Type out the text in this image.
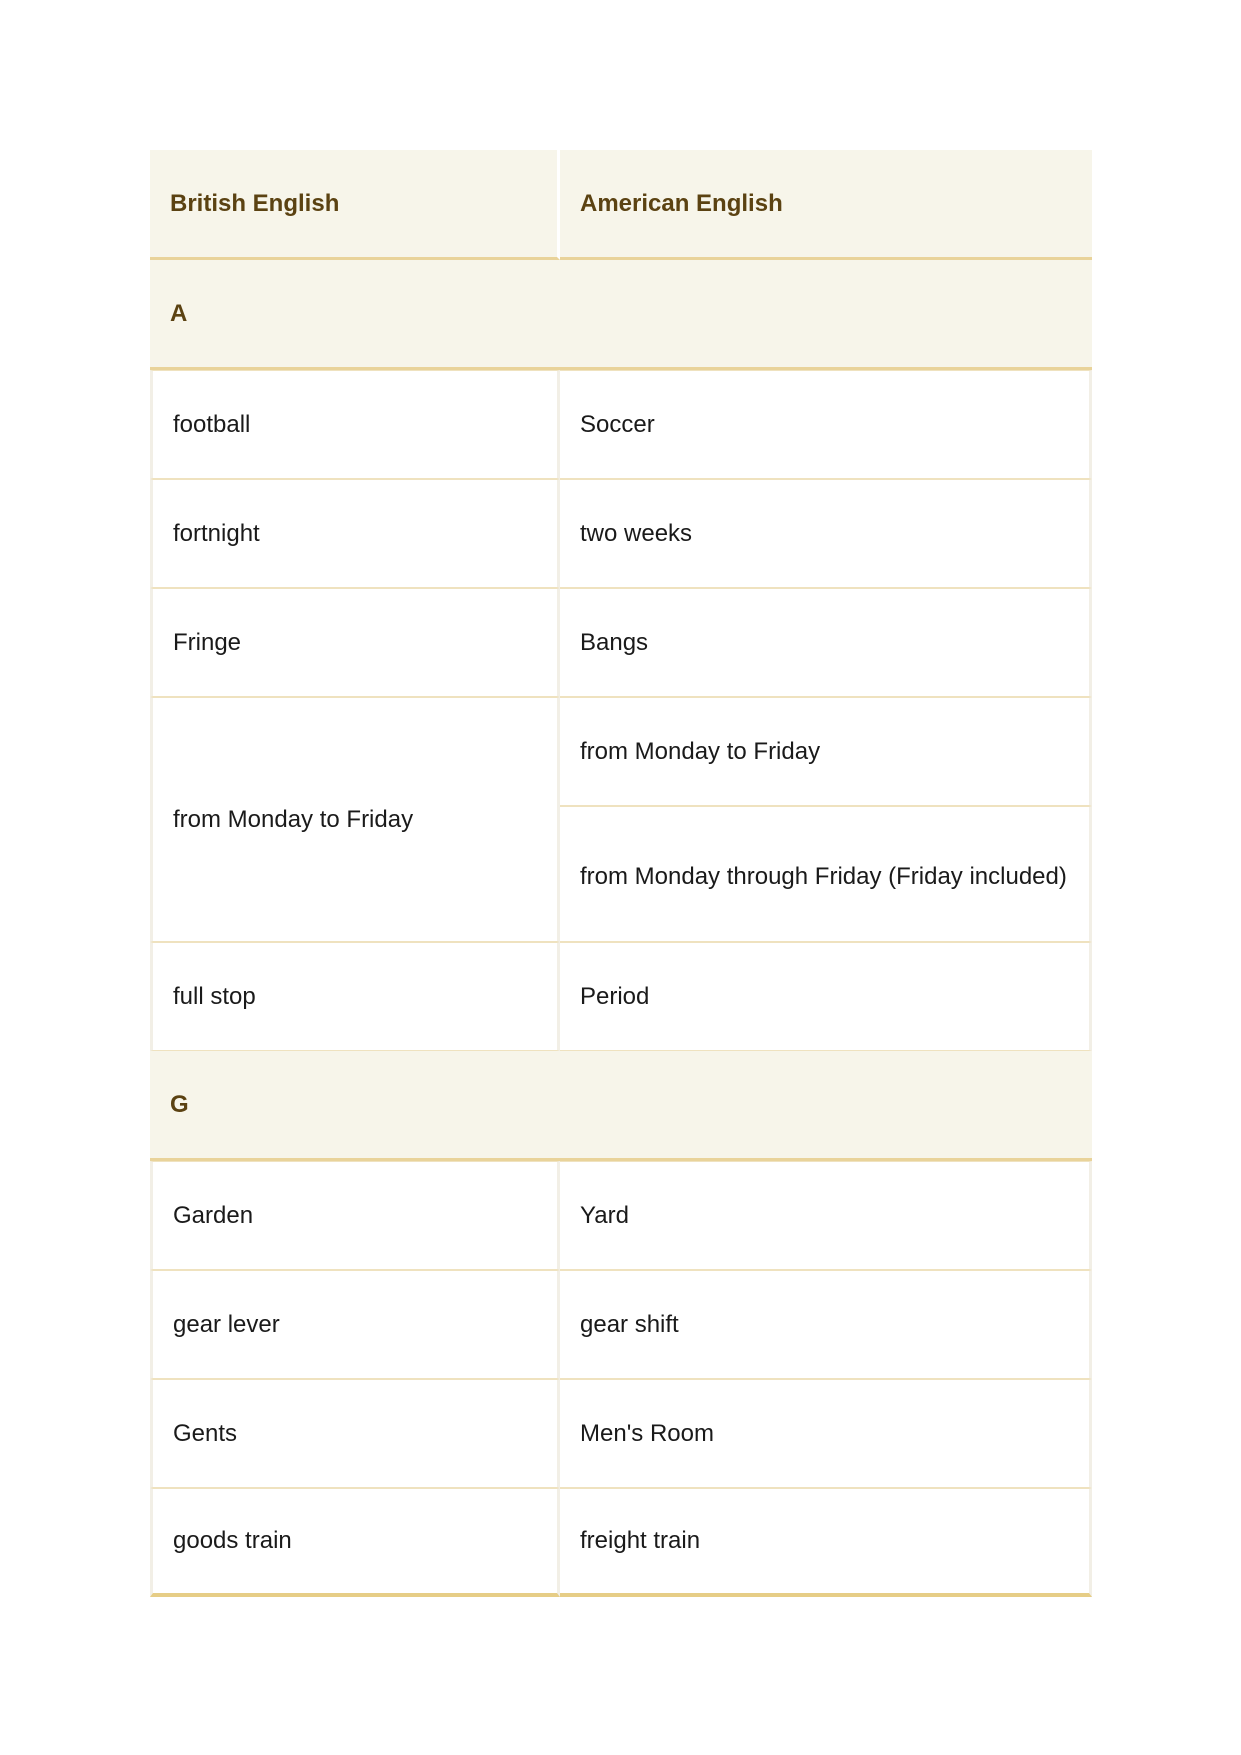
British English	American English
A	
football	Soccer
fortnight	two weeks
Fringe	Bangs
from Monday to Friday	from Monday to Friday
	from Monday through Friday (Friday included)
full stop	Period
G	
Garden	Yard
gear lever	gear shift
Gents	Men's Room
goods train	freight train
